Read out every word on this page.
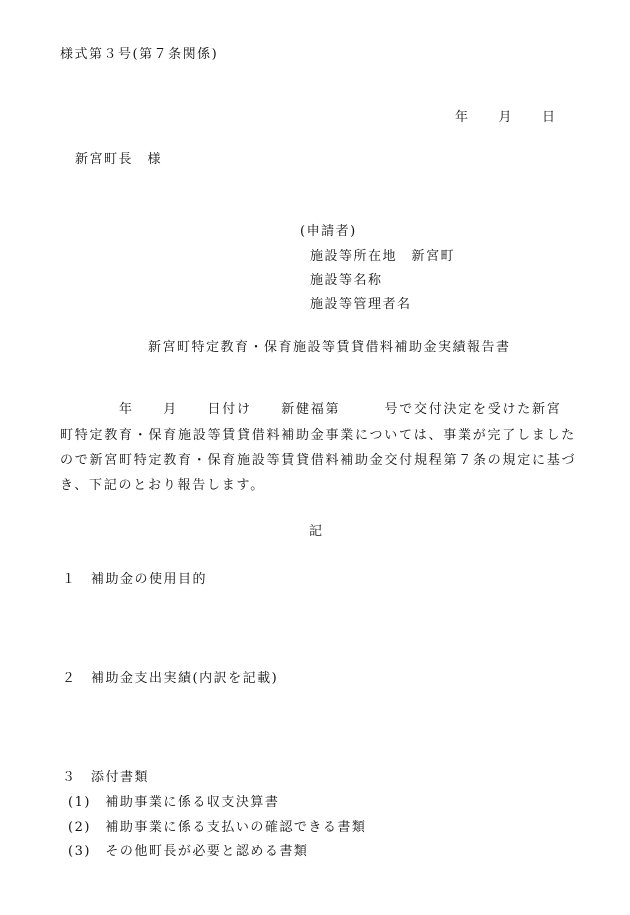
様式第３号(第７条関係)
年　　月　　日
新宮町長　様
(申請者)
施設等所在地　新宮町
施設等名称
施設等管理者名
新宮町特定教育・保育施設等賃貸借料補助金実績報告書
　　　　年　　月　　日付け　　新健福第　　　号で交付決定を受けた新宮
町特定教育・保育施設等賃貸借料補助金事業については、事業が完了しました
ので新宮町特定教育・保育施設等賃貸借料補助金交付規程第７条の規定に基づ
き、下記のとおり報告します。
記
１　補助金の使用目的
２　補助金支出実績(内訳を記載)
３　添付書類
(1)　補助事業に係る収支決算書
(2)　補助事業に係る支払いの確認できる書類
(3)　その他町長が必要と認める書類
